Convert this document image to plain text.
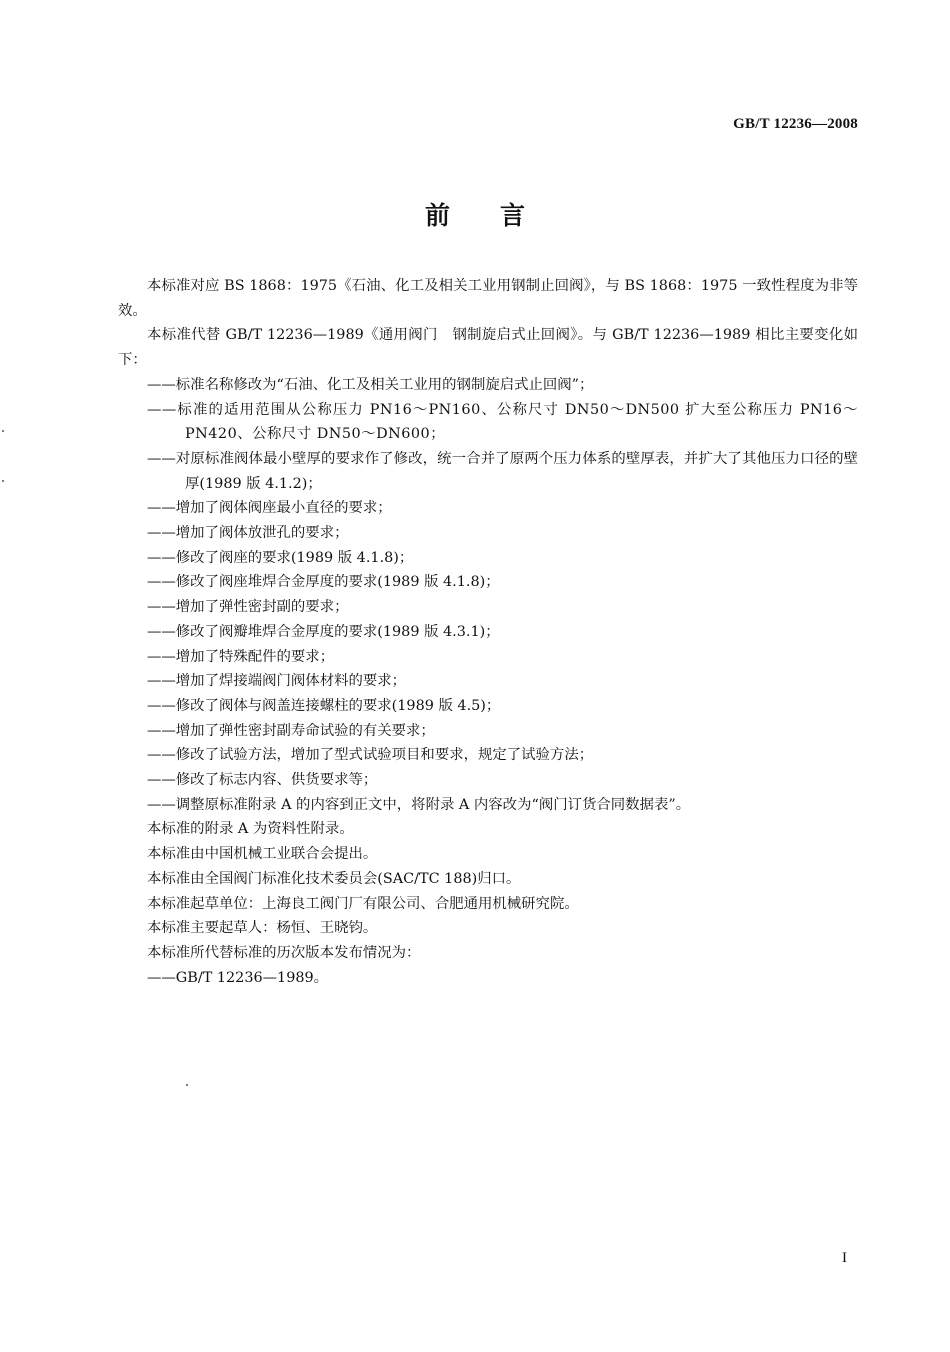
GB/T 12236—2008
前言

本标准对应 BS 1868：1975《石油、化工及相关工业用钢制止回阀》，与 BS 1868：1975 一致性程度为非等效。

本标准代替 GB/T 12236—1989《通用阀门　钢制旋启式止回阀》。与 GB/T 12236—1989 相比主要变化如下：

——标准名称修改为“石油、化工及相关工业用的钢制旋启式止回阀”；

——标准的适用范围从公称压力 PN16～PN160、公称尺寸 DN50～DN500 扩大至公称压力 PN16～PN420、公称尺寸 DN50～DN600；

——对原标准阀体最小壁厚的要求作了修改，统一合并了原两个压力体系的壁厚表，并扩大了其他压力口径的壁厚(1989 版 4.1.2)；

——增加了阀体阀座最小直径的要求；

——增加了阀体放泄孔的要求；

——修改了阀座的要求(1989 版 4.1.8)；

——修改了阀座堆焊合金厚度的要求(1989 版 4.1.8)；

——增加了弹性密封副的要求；

——修改了阀瓣堆焊合金厚度的要求(1989 版 4.3.1)；

——增加了特殊配件的要求；

——增加了焊接端阀门阀体材料的要求；

——修改了阀体与阀盖连接螺柱的要求(1989 版 4.5)；

——增加了弹性密封副寿命试验的有关要求；

——修改了试验方法，增加了型式试验项目和要求，规定了试验方法；

——修改了标志内容、供货要求等；

——调整原标准附录 A 的内容到正文中，将附录 A 内容改为“阀门订货合同数据表”。

本标准的附录 A 为资料性附录。

本标准由中国机械工业联合会提出。

本标准由全国阀门标准化技术委员会(SAC/TC 188)归口。

本标准起草单位：上海良工阀门厂有限公司、合肥通用机械研究院。

本标准主要起草人：杨恒、王晓钧。

本标准所代替标准的历次版本发布情况为：

——GB/T 12236—1989。

I
